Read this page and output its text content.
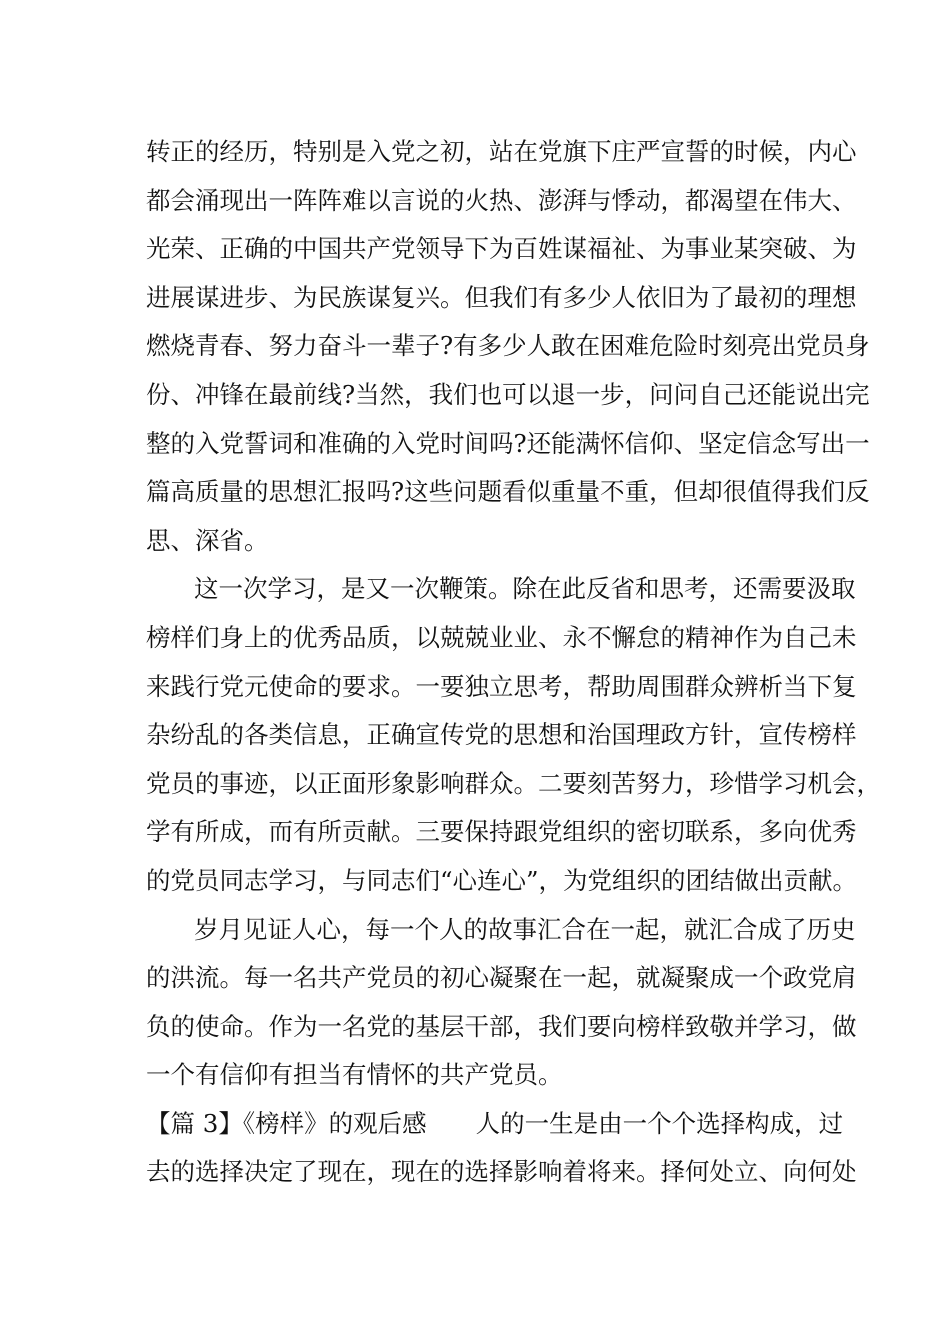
转正的经历，特别是入党之初，站在党旗下庄严宣誓的时候，内心
都会涌现出一阵阵难以言说的火热、澎湃与悸动，都渴望在伟大、
光荣、正确的中国共产党领导下为百姓谋福祉、为事业某突破、为
进展谋进步、为民族谋复兴。但我们有多少人依旧为了最初的理想
燃烧青春、努力奋斗一辈子?有多少人敢在困难危险时刻亮出党员身
份、冲锋在最前线?当然，我们也可以退一步，问问自己还能说出完
整的入党誓词和准确的入党时间吗?还能满怀信仰、坚定信念写出一
篇高质量的思想汇报吗?这些问题看似重量不重，但却很值得我们反
思、深省。
这一次学习，是又一次鞭策。除在此反省和思考，还需要汲取
榜样们身上的优秀品质，以兢兢业业、永不懈怠的精神作为自己未
来践行党元使命的要求。一要独立思考，帮助周围群众辨析当下复
杂纷乱的各类信息，正确宣传党的思想和治国理政方针，宣传榜样
党员的事迹，以正面形象影响群众。二要刻苦努力，珍惜学习机会，
学有所成，而有所贡献。三要保持跟党组织的密切联系，多向优秀
的党员同志学习，与同志们“心连心”，为党组织的团结做出贡献。
岁月见证人心，每一个人的故事汇合在一起，就汇合成了历史
的洪流。每一名共产党员的初心凝聚在一起，就凝聚成一个政党肩
负的使命。作为一名党的基层干部，我们要向榜样致敬并学习，做
一个有信仰有担当有情怀的共产党员。
【篇 3】《榜样》的观后感　　人的一生是由一个个选择构成，过
去的选择决定了现在，现在的选择影响着将来。择何处立、向何处
